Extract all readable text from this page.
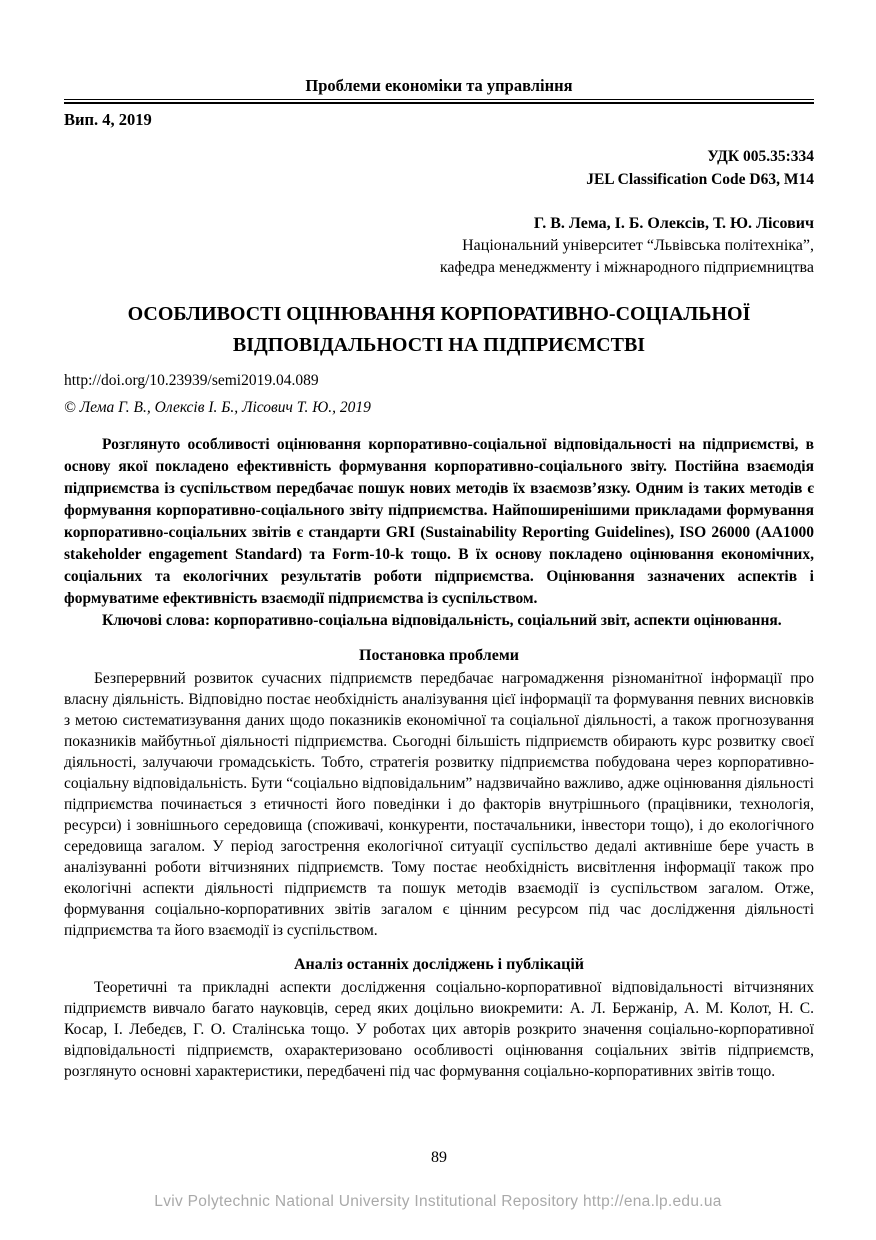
Проблеми економіки та управління
Вип. 4, 2019
УДК 005.35:334
JEL Classification Code D63, M14
Г. В. Лема, І. Б. Олексів, Т. Ю. Лісович
Національний університет “Львівська політехніка”,
кафедра менеджменту і міжнародного підприємництва
ОСОБЛИВОСТІ ОЦІНЮВАННЯ КОРПОРАТИВНО-СОЦІАЛЬНОЇ
ВІДПОВІДАЛЬНОСТІ НА ПІДПРИЄМСТВІ
http://doi.org/10.23939/semi2019.04.089
© Лема Г. В., Олексів І. Б., Лісович Т. Ю., 2019

Розглянуто особливості оцінювання корпоративно-соціальної відповідальності на підприємстві, в основу якої покладено ефективність формування корпоративно-соціального звіту. Постійна взаємодія підприємства із суспільством передбачає пошук нових методів їх взаємозв’язку. Одним із таких методів є формування корпоративно-соціального звіту підприємства. Найпоширенішими прикладами формування корпоративно-соціальних звітів є стандарти GRI (Sustainability Reporting Guidelines), ISO 26000 (AA1000 stakeholder engagement Standard) та Form-10-k тощо. В їх основу покладено оцінювання економічних, соціальних та екологічних результатів роботи підприємства. Оцінювання зазначених аспектів і формуватиме ефективність взаємодії підприємства із суспільством.

Ключові слова: корпоративно-соціальна відповідальність, соціальний звіт, аспекти оцінювання.

Постановка проблеми

Безперервний розвиток сучасних підприємств передбачає нагромадження різноманітної інформації про власну діяльність. Відповідно постає необхідність аналізування цієї інформації та формування певних висновків з метою систематизування даних щодо показників економічної та соціальної діяльності, а також прогнозування показників майбутньої діяльності підприємства. Сьогодні більшість підприємств обирають курс розвитку своєї діяльності, залучаючи громадськість. Тобто, стратегія розвитку підприємства побудована через корпоративно-соціальну відповідальність. Бути “соціально відповідальним” надзвичайно важливо, адже оцінювання діяльності підприємства починається з етичності його поведінки і до факторів внутрішнього (працівники, технологія, ресурси) і зовнішнього середовища (споживачі, конкуренти, постачальники, інвестори тощо), і до екологічного середовища загалом. У період загострення екологічної ситуації суспільство дедалі активніше бере участь в аналізуванні роботи вітчизняних підприємств. Тому постає необхідність висвітлення інформації також про екологічні аспекти діяльності підприємств та пошук методів взаємодії із суспільством загалом. Отже, формування соціально-корпоративних звітів загалом є цінним ресурсом під час дослідження діяльності підприємства та його взаємодії із суспільством.

Аналіз останніх досліджень і публікацій

Теоретичні та прикладні аспекти дослідження соціально-корпоративної відповідальності вітчизняних підприємств вивчало багато науковців, серед яких доцільно виокремити: А. Л. Бержанір, А. М. Колот, Н. С. Косар, І. Лебедєв, Г. О. Сталінська тощо. У роботах цих авторів розкрито значення соціально-корпоративної відповідальності підприємств, охарактеризовано особливості оцінювання соціальних звітів підприємств, розглянуто основні характеристики, передбачені під час формування соціально-корпоративних звітів тощо.

89
Lviv Polytechnic National University Institutional Repository http://ena.lp.edu.ua
